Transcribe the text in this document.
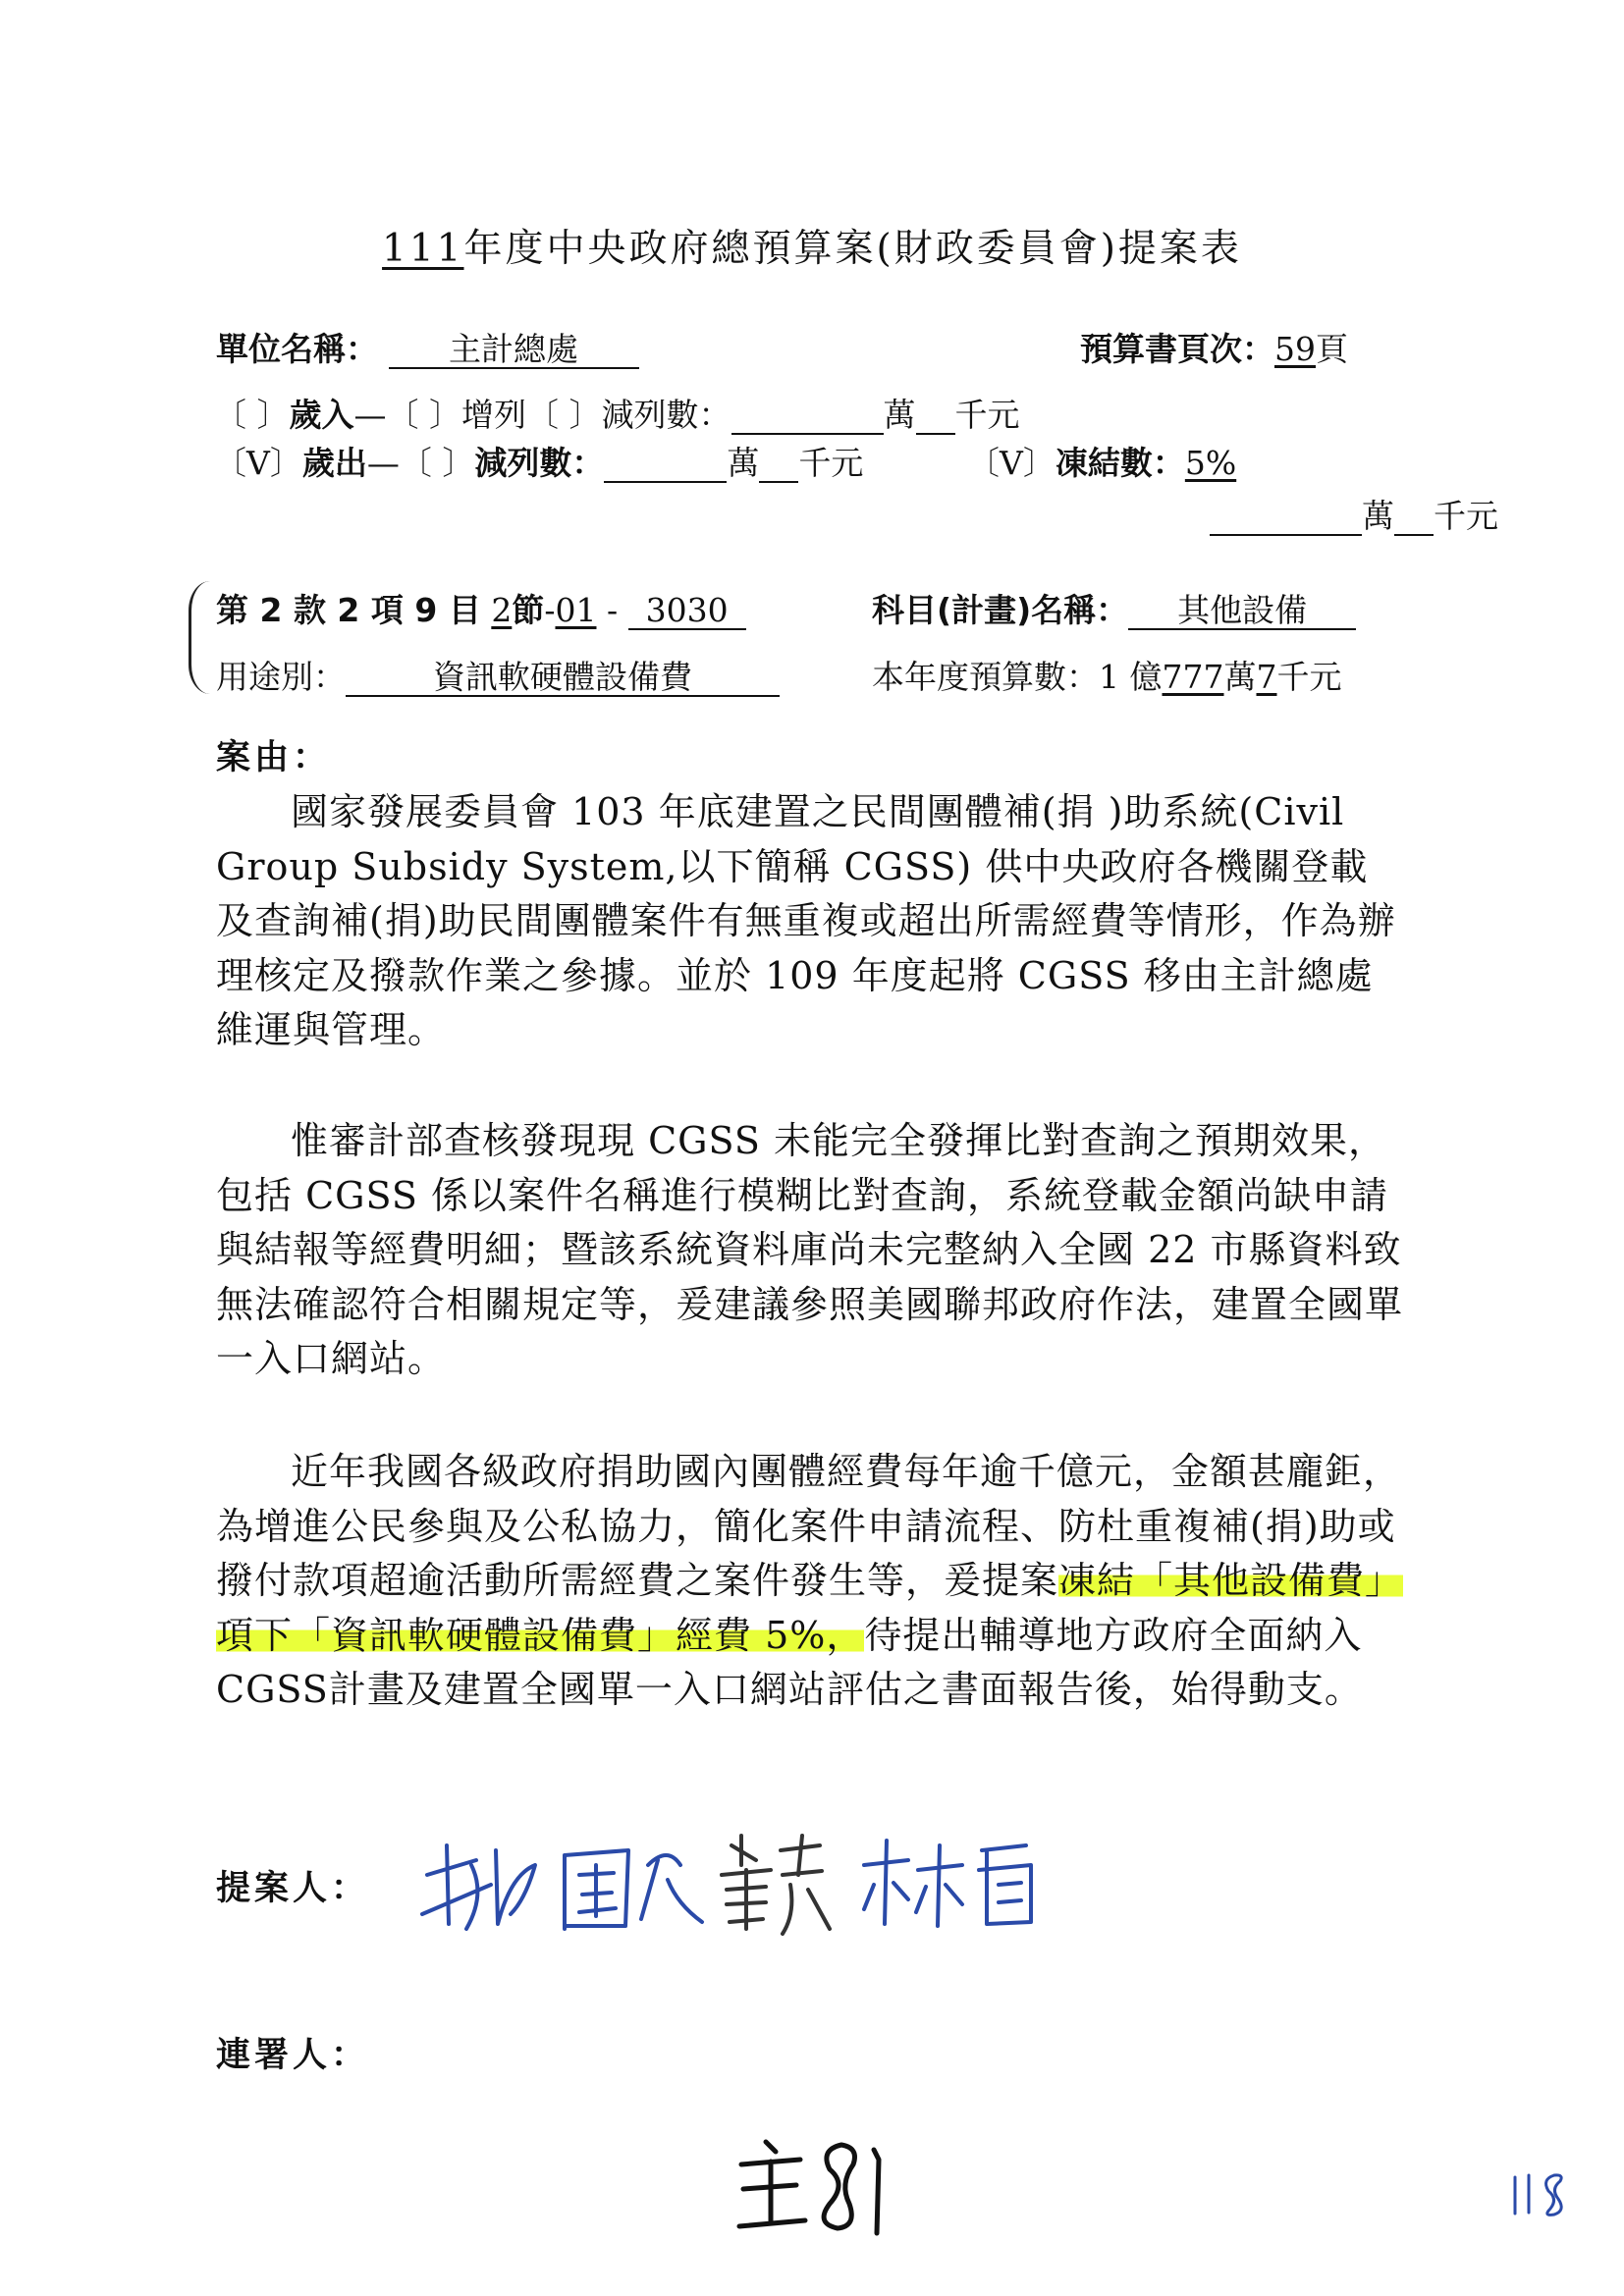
111年度中央政府總預算案(財政委員會)提案表
單位名稱： 主計總處	預算書頁次：59頁
〔 〕歲入—〔 〕增列〔 〕減列數：	萬 千元
〔V〕歲出—〔 〕減列數：	萬 千元	〔V〕凍結數：5%
萬 千元
第 2 款 2 項 9 目 2節-01 - 3030	科目(計畫)名稱： 其他設備
用途別：	資訊軟硬體設備費	本年度預算數：1 億777萬7千元
案由：
國家發展委員會 103 年底建置之民間團體補(捐 )助系統(Civil Group Subsidy System,以下簡稱 CGSS) 供中央政府各機關登載及查詢補(捐)助民間團體案件有無重複或超出所需經費等情形，作為辦理核定及撥款作業之參據。並於 109 年度起將 CGSS 移由主計總處維運與管理。
惟審計部查核發現現 CGSS 未能完全發揮比對查詢之預期效果，包括 CGSS 係以案件名稱進行模糊比對查詢，系統登載金額尚缺申請與結報等經費明細；暨該系統資料庫尚未完整納入全國 22 市縣資料致無法確認符合相關規定等，爰建議參照美國聯邦政府作法，建置全國單一入口網站。
近年我國各級政府捐助國內團體經費每年逾千億元，金額甚龐鉅，為增進公民參與及公私協力，簡化案件申請流程、防杜重複補(捐)助或撥付款項超逾活動所需經費之案件發生等，爰提案凍結「其他設備費」項下「資訊軟硬體設備費」經費 5%，待提出輔導地方政府全面納入CGSS計畫及建置全國單一入口網站評估之書面報告後，始得動支。
提案人：
連署人：
